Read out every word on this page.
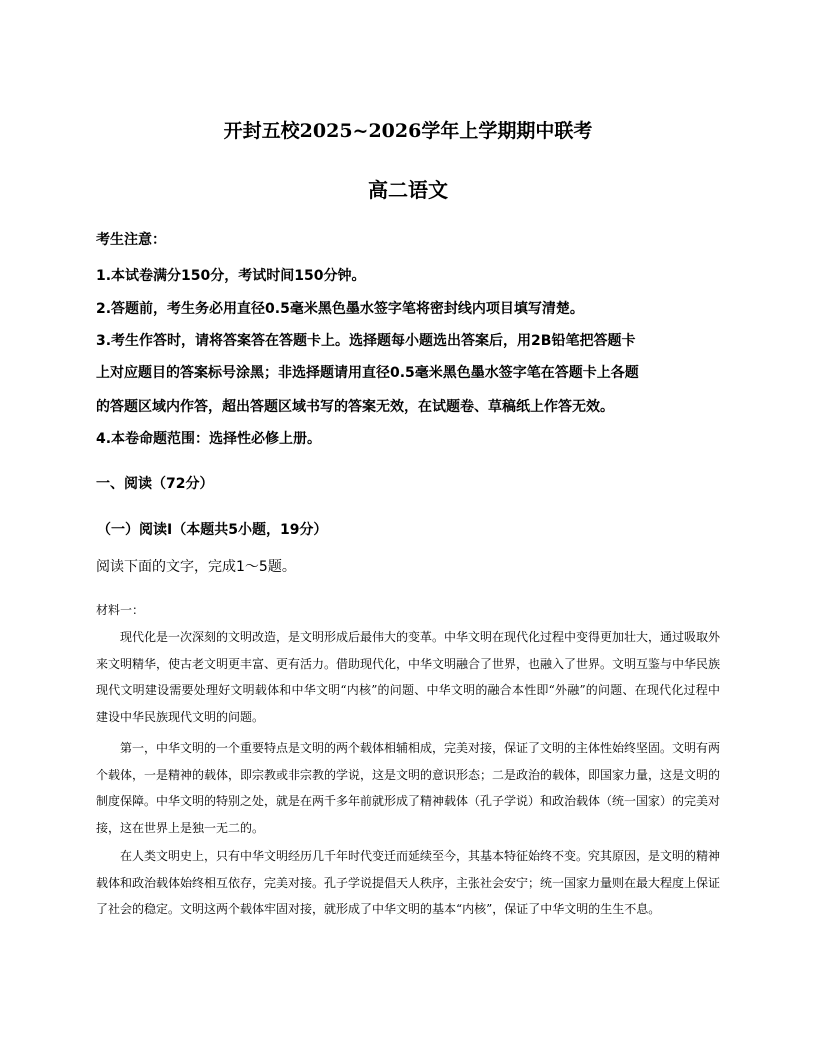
开封五校2025~2026学年上学期期中联考
高二语文
考生注意：
1.本试卷满分150分，考试时间150分钟。
2.答题前，考生务必用直径0.5毫米黑色墨水签字笔将密封线内项目填写清楚。
3.考生作答时，请将答案答在答题卡上。选择题每小题选出答案后，用2B铅笔把答题卡
上对应题目的答案标号涂黑；非选择题请用直径0.5毫米黑色墨水签字笔在答题卡上各题
的答题区域内作答，超出答题区域书写的答案无效，在试题卷、草稿纸上作答无效。
4.本卷命题范围：选择性必修上册。
一、阅读（72分）
（一）阅读Ⅰ（本题共5小题，19分）
阅读下面的文字，完成1～5题。
材料一：
现代化是一次深刻的文明改造，是文明形成后最伟大的变革。中华文明在现代化过程中变得更加壮大，通过吸取外来文明精华，使古老文明更丰富、更有活力。借助现代化，中华文明融合了世界，也融入了世界。文明互鉴与中华民族现代文明建设需要处理好文明载体和中华文明“内核”的问题、中华文明的融合本性即“外融”的问题、在现代化过程中建设中华民族现代文明的问题。
第一，中华文明的一个重要特点是文明的两个载体相辅相成，完美对接，保证了文明的主体性始终坚固。文明有两个载体，一是精神的载体，即宗教或非宗教的学说，这是文明的意识形态；二是政治的载体，即国家力量，这是文明的制度保障。中华文明的特别之处，就是在两千多年前就形成了精神载体（孔子学说）和政治载体（统一国家）的完美对接，这在世界上是独一无二的。
在人类文明史上，只有中华文明经历几千年时代变迁而延续至今，其基本特征始终不变。究其原因，是文明的精神载体和政治载体始终相互依存，完美对接。孔子学说提倡天人秩序，主张社会安宁；统一国家力量则在最大程度上保证了社会的稳定。文明这两个载体牢固对接，就形成了中华文明的基本“内核”，保证了中华文明的生生不息。
